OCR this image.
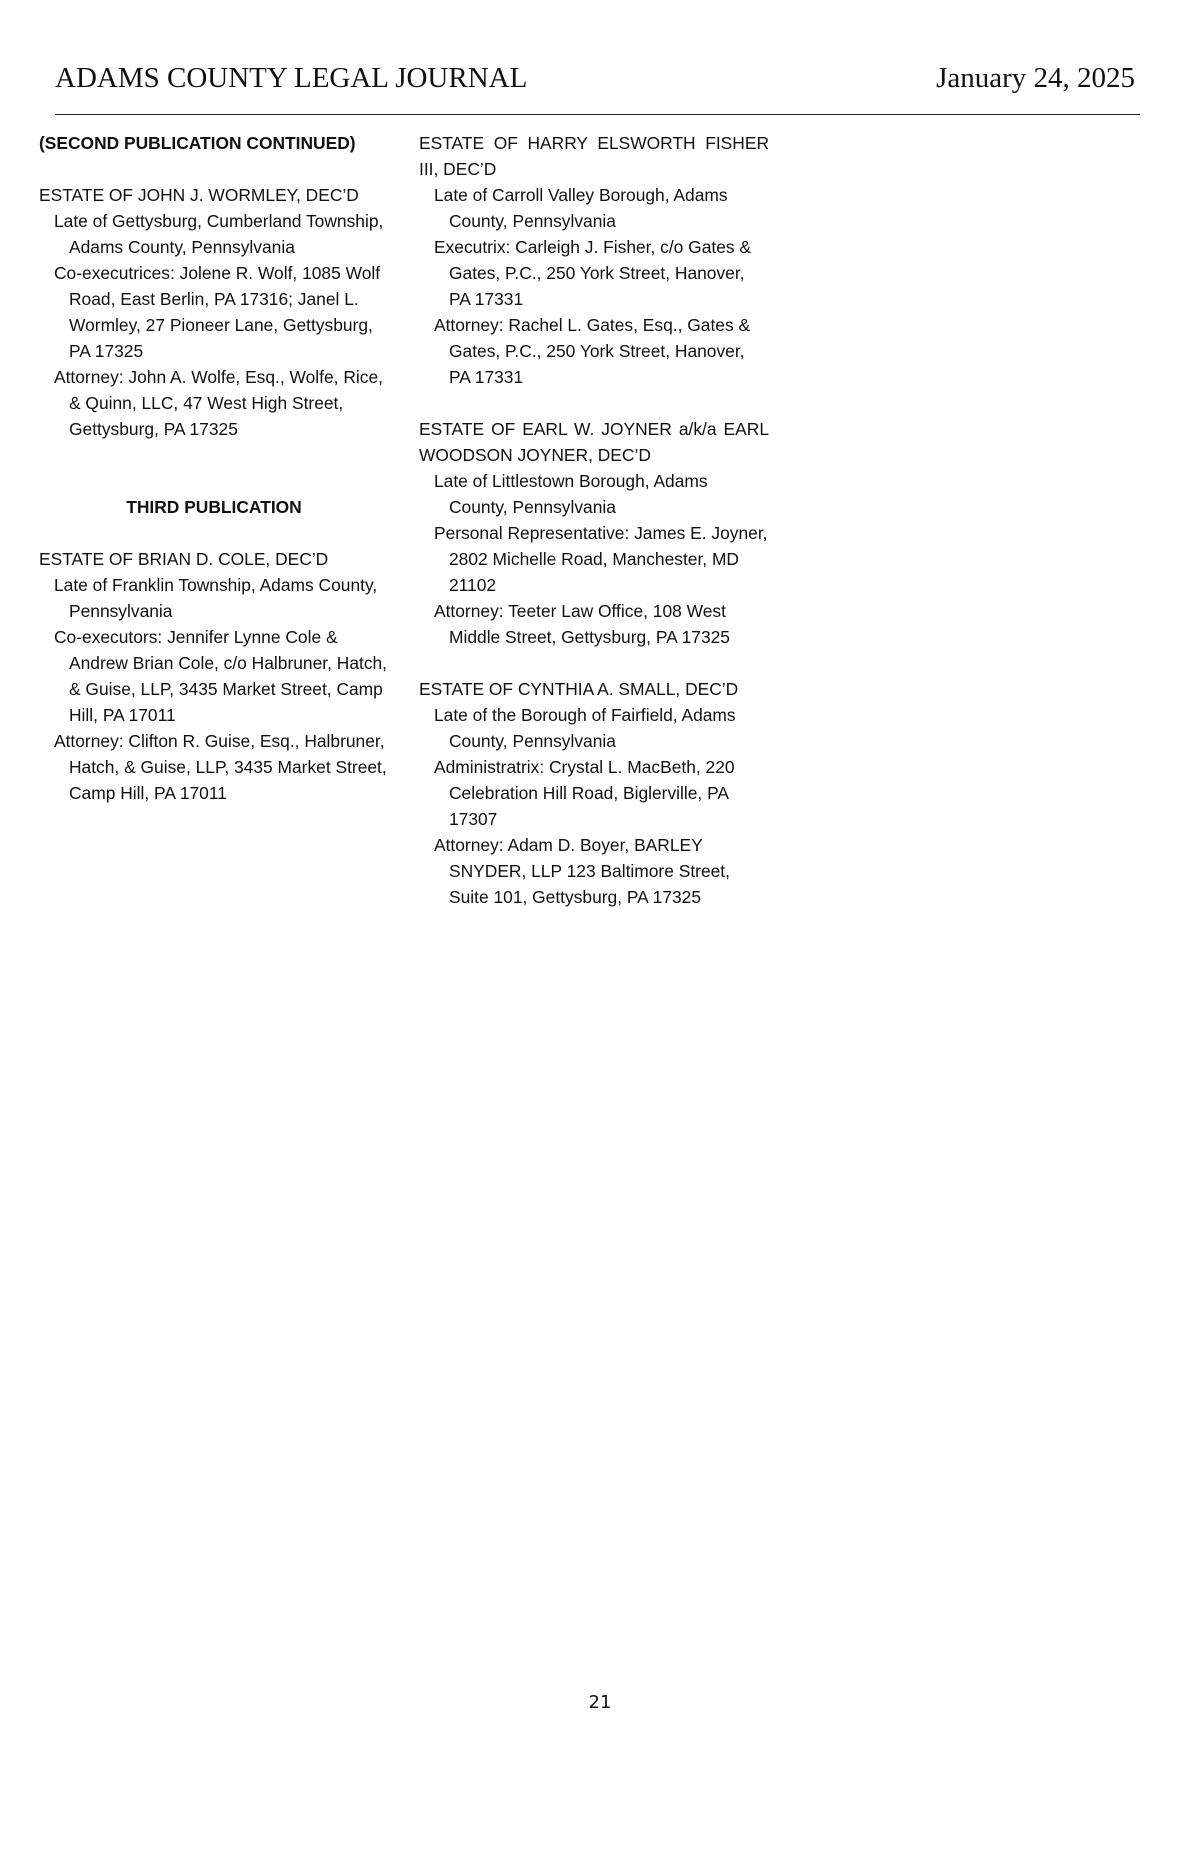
ADAMS COUNTY LEGAL JOURNAL	January 24, 2025

(SECOND PUBLICATION CONTINUED)

ESTATE OF JOHN J. WORMLEY, DEC’D

Late of Gettysburg, Cumberland Township, Adams County, Pennsylvania

Co-executrices: Jolene R. Wolf, 1085 Wolf Road, East Berlin, PA 17316; Janel L. Wormley, 27 Pioneer Lane, Gettysburg, PA 17325

Attorney: John A. Wolfe, Esq., Wolfe, Rice, & Quinn, LLC, 47 West High Street, Gettysburg, PA 17325

THIRD PUBLICATION

ESTATE OF BRIAN D. COLE, DEC’D

Late of Franklin Township, Adams County, Pennsylvania

Co-executors: Jennifer Lynne Cole & Andrew Brian Cole, c/o Halbruner, Hatch, & Guise, LLP, 3435 Market Street, Camp Hill, PA 17011

Attorney: Clifton R. Guise, Esq., Halbruner, Hatch, & Guise, LLP, 3435 Market Street, Camp Hill, PA 17011

ESTATE OF HARRY ELSWORTH FISHER III, DEC’D

Late of Carroll Valley Borough, Adams County, Pennsylvania

Executrix: Carleigh J. Fisher, c/o Gates & Gates, P.C., 250 York Street, Hanover, PA 17331

Attorney: Rachel L. Gates, Esq., Gates & Gates, P.C., 250 York Street, Hanover, PA 17331

ESTATE OF EARL W. JOYNER a/k/a EARL WOODSON JOYNER, DEC’D

Late of Littlestown Borough, Adams County, Pennsylvania

Personal Representative: James E. Joyner, 2802 Michelle Road, Manchester, MD 21102

Attorney: Teeter Law Office, 108 West Middle Street, Gettysburg, PA 17325

ESTATE OF CYNTHIA A. SMALL, DEC’D

Late of the Borough of Fairfield, Adams County, Pennsylvania

Administratrix: Crystal L. MacBeth, 220 Celebration Hill Road, Biglerville, PA 17307

Attorney: Adam D. Boyer, BARLEY SNYDER, LLP 123 Baltimore Street, Suite 101, Gettysburg, PA 17325

21
